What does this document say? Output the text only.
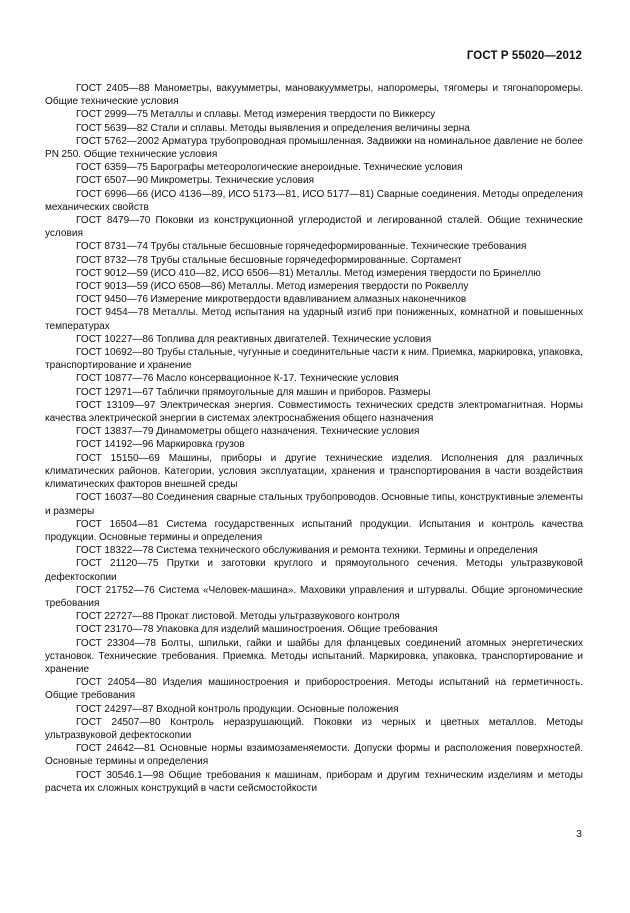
ГОСТ Р 55020—2012

ГОСТ 2405—88 Манометры, вакуумметры, мановакуумметры, напоромеры, тягомеры и тягонапоромеры. Общие технические условия

ГОСТ 2999—75 Металлы и сплавы. Метод измерения твердости по Виккерсу

ГОСТ 5639—82 Стали и сплавы. Методы выявления и определения величины зерна

ГОСТ 5762—2002 Арматура трубопроводная промышленная. Задвижки на номинальное давление не более PN 250. Общие технические условия

ГОСТ 6359—75 Барографы метеорологические анероидные. Технические условия

ГОСТ 6507—90 Микрометры. Технические условия

ГОСТ 6996—66 (ИСО 4136—89, ИСО 5173—81, ИСО 5177—81) Сварные соединения. Методы определения механических свойств

ГОСТ 8479—70 Поковки из конструкционной углеродистой и легированной сталей. Общие технические условия

ГОСТ 8731—74 Трубы стальные бесшовные горячедеформированные. Технические требования

ГОСТ 8732—78 Трубы стальные бесшовные горячедеформированные. Сортамент

ГОСТ 9012—59 (ИСО 410—82, ИСО 6506—81) Металлы. Метод измерения твердости по Бринеллю

ГОСТ 9013—59 (ИСО 6508—86) Металлы. Метод измерения твердости по Роквеллу

ГОСТ 9450—76 Измерение микротвердости вдавливанием алмазных наконечников

ГОСТ 9454—78 Металлы. Метод испытания на ударный изгиб при пониженных, комнатной и повышенных температурах

ГОСТ 10227—86 Топлива для реактивных двигателей. Технические условия

ГОСТ 10692—80 Трубы стальные, чугунные и соединительные части к ним. Приемка, маркировка, упаковка, транспортирование и хранение

ГОСТ 10877—76 Масло консервационное К-17. Технические условия

ГОСТ 12971—67 Таблички прямоугольные для машин и приборов. Размеры

ГОСТ 13109—97 Электрическая энергия. Совместимость технических средств электромагнитная. Нормы качества электрической энергии в системах электроснабжения общего назначения

ГОСТ 13837—79 Динамометры общего назначения. Технические условия

ГОСТ 14192—96 Маркировка грузов

ГОСТ 15150—69 Машины, приборы и другие технические изделия. Исполнения для различных климатических районов. Категории, условия эксплуатации, хранения и транспортирования в части воздействия климатических факторов внешней среды

ГОСТ 16037—80 Соединения сварные стальных трубопроводов. Основные типы, конструктивные элементы и размеры

ГОСТ 16504—81 Система государственных испытаний продукции. Испытания и контроль качества продукции. Основные термины и определения

ГОСТ 18322—78 Система технического обслуживания и ремонта техники. Термины и определения

ГОСТ 21120—75 Прутки и заготовки круглого и прямоугольного сечения. Методы ультразвуковой дефектоскопии

ГОСТ 21752—76 Система «Человек-машина». Маховики управления и штурвалы. Общие эргономические требования

ГОСТ 22727—88 Прокат листовой. Методы ультразвукового контроля

ГОСТ 23170—78 Упаковка для изделий машиностроения. Общие требования

ГОСТ 23304—78 Болты, шпильки, гайки и шайбы для фланцевых соединений атомных энергетических установок. Технические требования. Приемка. Методы испытаний. Маркировка, упаковка, транспортирование и хранение

ГОСТ 24054—80 Изделия машиностроения и приборостроения. Методы испытаний на герметичность. Общие требования

ГОСТ 24297—87 Входной контроль продукции. Основные положения

ГОСТ 24507—80 Контроль неразрушающий. Поковки из черных и цветных металлов. Методы ультразвуковой дефектоскопии

ГОСТ 24642—81 Основные нормы взаимозаменяемости. Допуски формы и расположения поверхностей. Основные термины и определения

ГОСТ 30546.1—98 Общие требования к машинам, приборам и другим техническим изделиям и методы расчета их сложных конструкций в части сейсмостойкости

3
